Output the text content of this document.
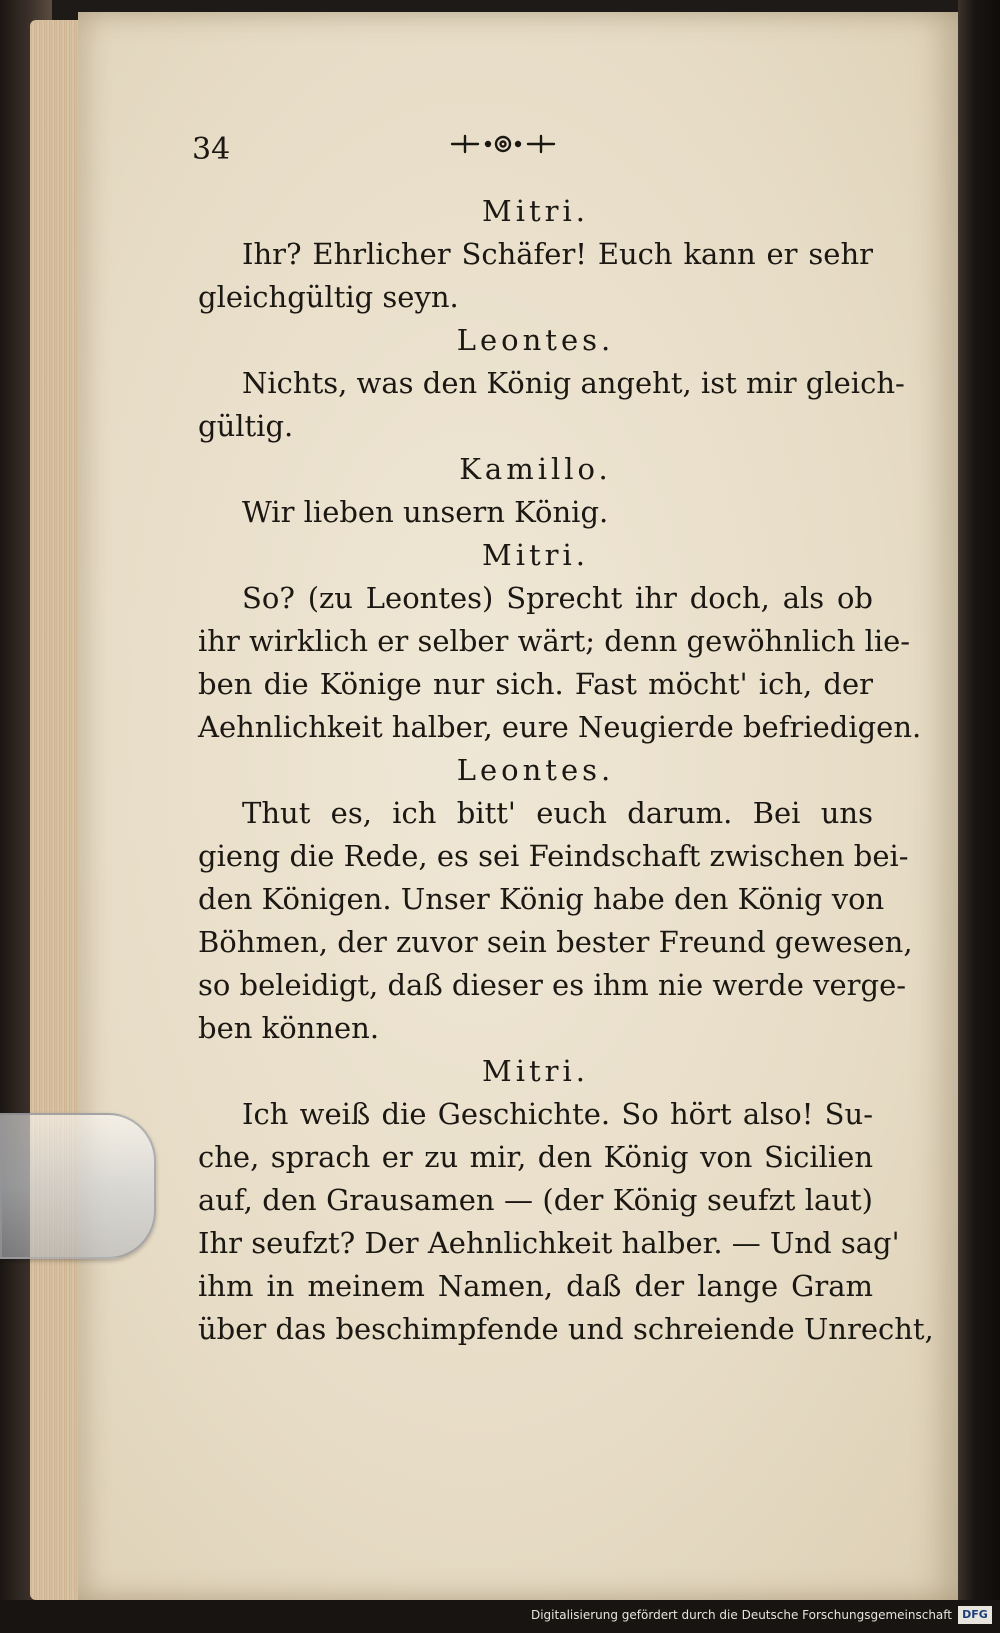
34

Mitri.

Ihr? Ehrlicher Schäfer! Euch kann er sehr

gleichgültig seyn.

Leontes.

Nichts, was den König angeht, ist mir gleich-

gültig.

Kamillo.

Wir lieben unsern König.

Mitri.

So? (zu Leontes) Sprecht ihr doch, als ob

ihr wirklich er selber wärt; denn gewöhnlich lie-

ben die Könige nur sich. Fast möcht' ich, der

Aehnlichkeit halber, eure Neugierde befriedigen.

Leontes.

Thut es, ich bitt' euch darum. Bei uns

gieng die Rede, es sei Feindschaft zwischen bei-

den Königen. Unser König habe den König von

Böhmen, der zuvor sein bester Freund gewesen,

so beleidigt, daß dieser es ihm nie werde verge-

ben können.

Mitri.

Ich weiß die Geschichte. So hört also! Su-

che, sprach er zu mir, den König von Sicilien

auf, den Grausamen — (der König seufzt laut)

Ihr seufzt? Der Aehnlichkeit halber. — Und sag'

ihm in meinem Namen, daß der lange Gram

über das beschimpfende und schreiende Unrecht,

Digitalisierung gefördert durch die Deutsche Forschungsgemeinschaft DFG
